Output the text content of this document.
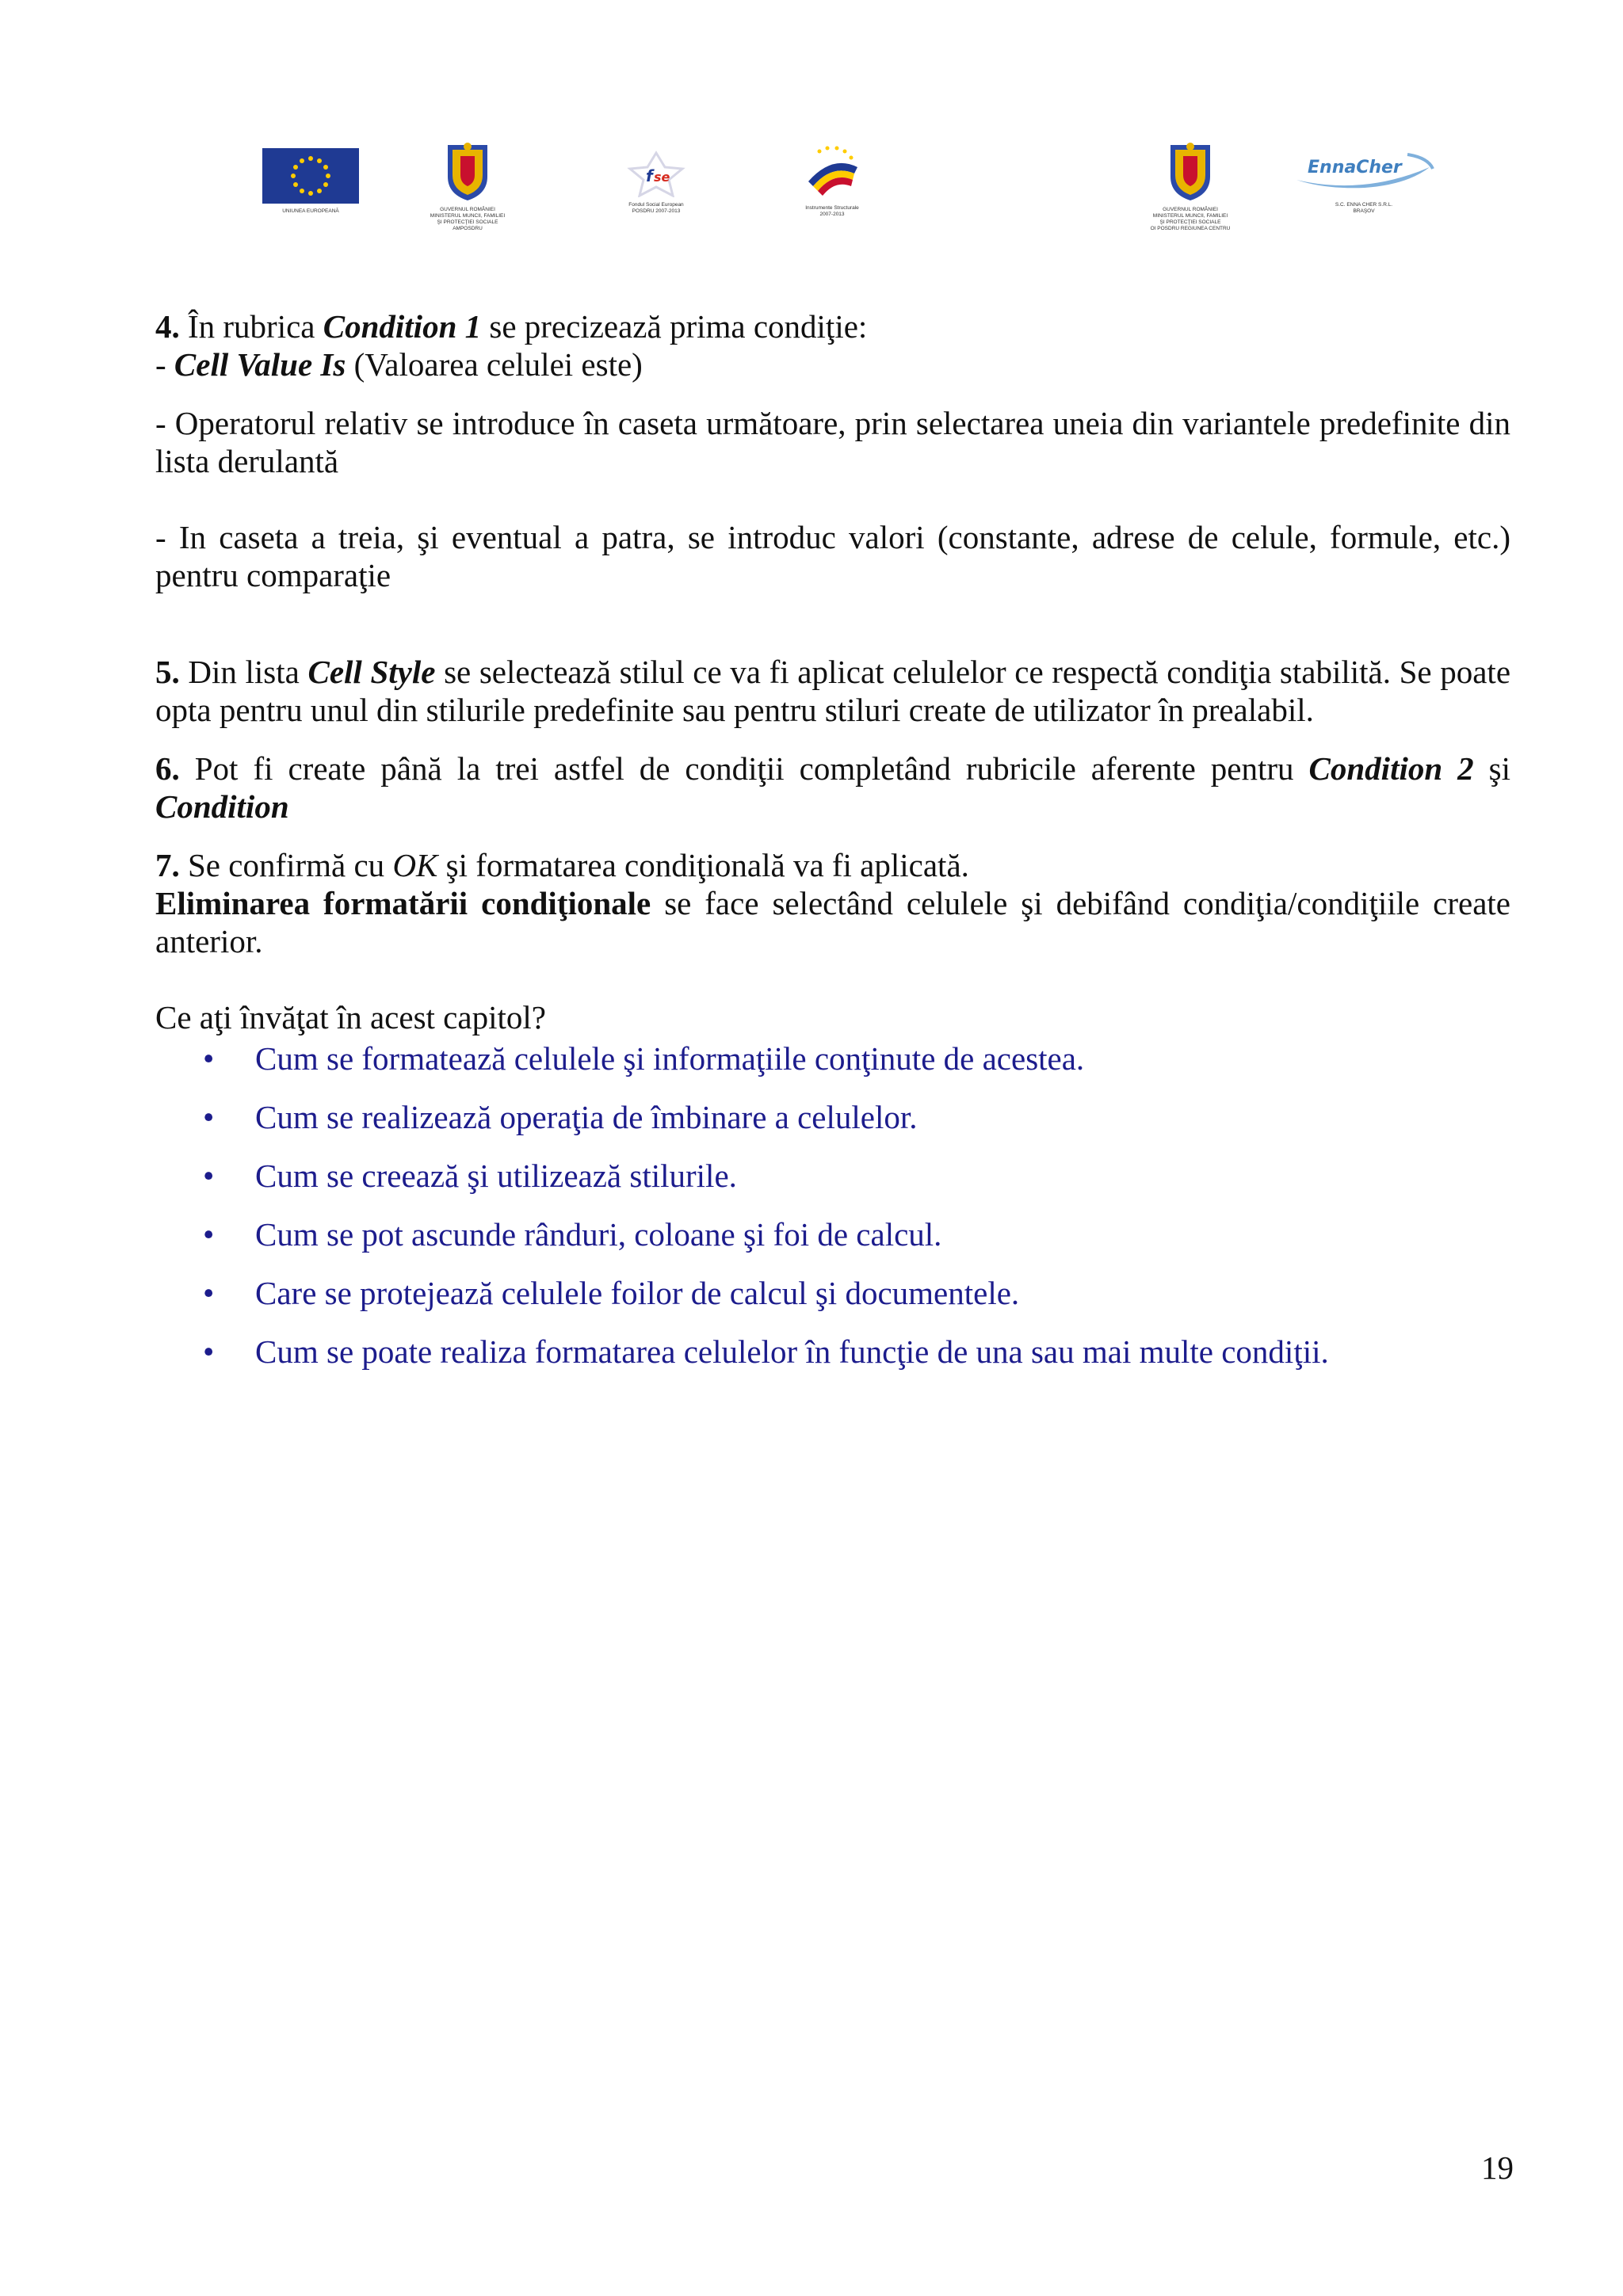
UNIUNEA EUROPEANĂ	GUVERNUL ROMÂNIEI
MINISTERUL MUNCII, FAMILIEI
ŞI PROTECŢIEI SOCIALE
AMPOSDRU
f se
Fondul Social European
POSDRU 2007-2013
Instrumente Structurale
2007-2013
GUVERNUL ROMÂNIEI
MINISTERUL MUNCII, FAMILIEI
ŞI PROTECŢIEI SOCIALE
OI POSDRU REGIUNEA CENTRU
EnnaCher
S.C. ENNA CHER S.R.L.
BRAŞOV

4. În rubrica Condition 1 se precizează prima condiţie:

- Cell Value Is (Valoarea celulei este)

- Operatorul relativ se introduce în caseta următoare, prin selectarea uneia din variantele predefinite din lista derulantă

- In caseta a treia, şi eventual a patra, se introduc valori (constante, adrese de celule, formule, etc.) pentru comparaţie

5. Din lista Cell Style se selectează stilul ce va fi aplicat celulelor ce respectă condiţia stabilită. Se poate opta pentru unul din stilurile predefinite sau pentru stiluri create de utilizator în prealabil.

6. Pot fi create până la trei astfel de condiţii completând rubricile aferente pentru Condition 2 şi Condition

7. Se confirmă cu OK şi formatarea condiţională va fi aplicată.
Eliminarea formatării condiţionale se face selectând celulele şi debifând condiţia/condiţiile create anterior.

Ce aţi învăţat în acest capitol?

• Cum se formatează celulele şi informaţiile conţinute de acestea.
• Cum se realizează operaţia de îmbinare a celulelor.
• Cum se creează şi utilizează stilurile.
• Cum se pot ascunde rânduri, coloane şi foi de calcul.
• Care se protejează celulele foilor de calcul şi documentele.
• Cum se poate realiza formatarea celulelor în funcţie de una sau mai multe condiţii.
19
